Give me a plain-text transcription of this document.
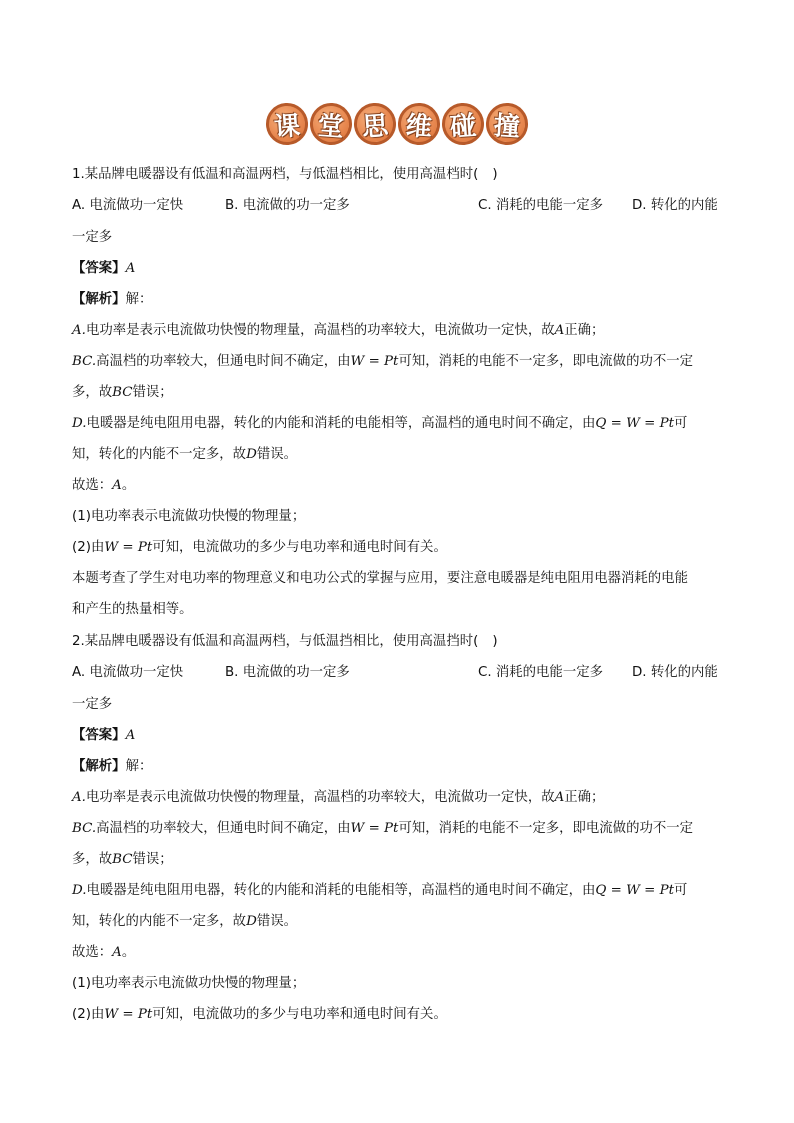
课 堂 思 维 碰 撞
1.某品牌电暖器设有低温和高温两档，与低温档相比，使用高温档时( )
A. 电流做功一定快	B. 电流做的功一定多	C. 消耗的电能一定多 D. 转化的内能
一定多
【答案】A
【解析】解：
A.电功率是表示电流做功快慢的物理量，高温档的功率较大，电流做功一定快，故A正确；
BC.高温档的功率较大，但通电时间不确定，由W = Pt可知，消耗的电能不一定多，即电流做的功不一定
多，故BC错误；
D.电暖器是纯电阻用电器，转化的内能和消耗的电能相等，高温档的通电时间不确定，由Q = W = Pt可
知，转化的内能不一定多，故D错误。
故选：A。
(1)电功率表示电流做功快慢的物理量；
(2)由W = Pt可知，电流做功的多少与电功率和通电时间有关。
本题考查了学生对电功率的物理意义和电功公式的掌握与应用，要注意电暖器是纯电阻用电器消耗的电能
和产生的热量相等。
2.某品牌电暖器设有低温和高温两档，与低温挡相比，使用高温挡时( )
A. 电流做功一定快	B. 电流做的功一定多	C. 消耗的电能一定多 D. 转化的内能
一定多
【答案】A
【解析】解：
A.电功率是表示电流做功快慢的物理量，高温档的功率较大，电流做功一定快，故A正确；
BC.高温档的功率较大，但通电时间不确定，由W = Pt可知，消耗的电能不一定多，即电流做的功不一定
多，故BC错误；
D.电暖器是纯电阻用电器，转化的内能和消耗的电能相等，高温档的通电时间不确定，由Q = W = Pt可
知，转化的内能不一定多，故D错误。
故选：A。
(1)电功率表示电流做功快慢的物理量；
(2)由W = Pt可知，电流做功的多少与电功率和通电时间有关。
